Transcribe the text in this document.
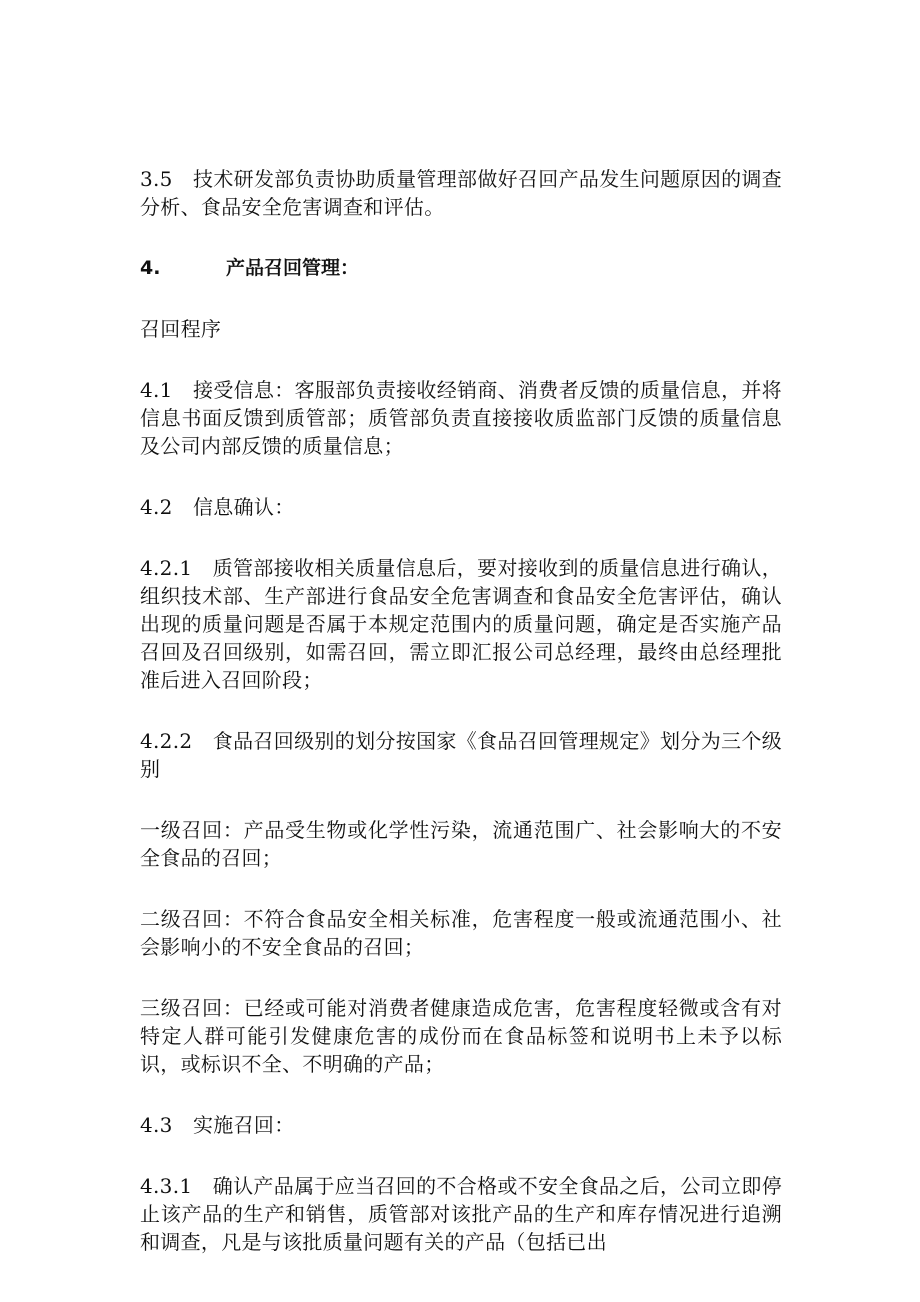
3.5　技术研发部负责协助质量管理部做好召回产品发生问题原因的调查分析、食品安全危害调查和评估。

4.	产品召回管理：

召回程序

4.1　接受信息：客服部负责接收经销商、消费者反馈的质量信息，并将信息书面反馈到质管部；质管部负责直接接收质监部门反馈的质量信息及公司内部反馈的质量信息；

4.2　信息确认：

4.2.1　质管部接收相关质量信息后，要对接收到的质量信息进行确认，组织技术部、生产部进行食品安全危害调查和食品安全危害评估，确认出现的质量问题是否属于本规定范围内的质量问题，确定是否实施产品召回及召回级别，如需召回，需立即汇报公司总经理，最终由总经理批准后进入召回阶段；

4.2.2　食品召回级别的划分按国家《食品召回管理规定》划分为三个级别

一级召回：产品受生物或化学性污染，流通范围广、社会影响大的不安全食品的召回；

二级召回：不符合食品安全相关标准，危害程度一般或流通范围小、社会影响小的不安全食品的召回；

三级召回：已经或可能对消费者健康造成危害，危害程度轻微或含有对特定人群可能引发健康危害的成份而在食品标签和说明书上未予以标识，或标识不全、不明确的产品；

4.3　实施召回：

4.3.1　确认产品属于应当召回的不合格或不安全食品之后，公司立即停止该产品的生产和销售，质管部对该批产品的生产和库存情况进行追溯和调查，凡是与该批质量问题有关的产品（包括已出
